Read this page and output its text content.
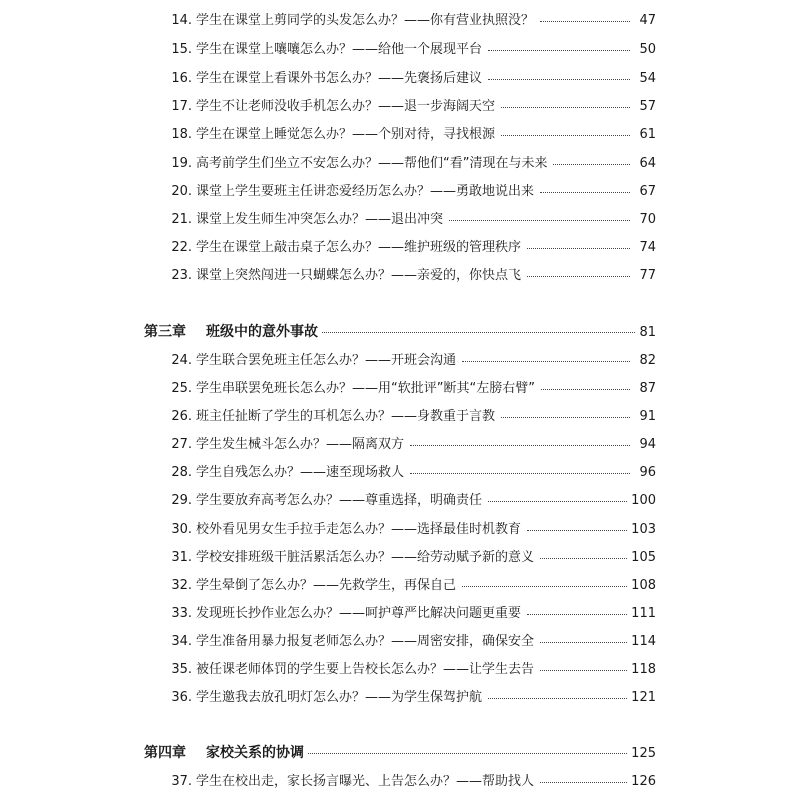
14. 学生在课堂上剪同学的头发怎么办？——你有营业执照没？	47
15. 学生在课堂上嚷嚷怎么办？——给他一个展现平台	50
16. 学生在课堂上看课外书怎么办？——先褒扬后建议	54
17. 学生不让老师没收手机怎么办？——退一步海阔天空	57
18. 学生在课堂上睡觉怎么办？——个别对待，寻找根源	61
19. 高考前学生们坐立不安怎么办？——帮他们“看”清现在与未来	64
20. 课堂上学生要班主任讲恋爱经历怎么办？——勇敢地说出来	67
21. 课堂上发生师生冲突怎么办？——退出冲突	70
22. 学生在课堂上敲击桌子怎么办？——维护班级的管理秩序	74
23. 课堂上突然闯进一只蝴蝶怎么办？——亲爱的，你快点飞	77
第三章 班级中的意外事故	81
24. 学生联合罢免班主任怎么办？——开班会沟通	82
25. 学生串联罢免班长怎么办？——用“软批评”断其“左膀右臂”	87
26. 班主任扯断了学生的耳机怎么办？——身教重于言教	91
27. 学生发生械斗怎么办？——隔离双方	94
28. 学生自残怎么办？——速至现场救人	96
29. 学生要放弃高考怎么办？——尊重选择，明确责任	100
30. 校外看见男女生手拉手走怎么办？——选择最佳时机教育	103
31. 学校安排班级干脏活累活怎么办？——给劳动赋予新的意义	105
32. 学生晕倒了怎么办？——先救学生，再保自己	108
33. 发现班长抄作业怎么办？——呵护尊严比解决问题更重要	111
34. 学生准备用暴力报复老师怎么办？——周密安排，确保安全	114
35. 被任课老师体罚的学生要上告校长怎么办？——让学生去告	118
36. 学生邀我去放孔明灯怎么办？——为学生保驾护航	121
第四章 家校关系的协调	125
37. 学生在校出走，家长扬言曝光、上告怎么办？——帮助找人	126
